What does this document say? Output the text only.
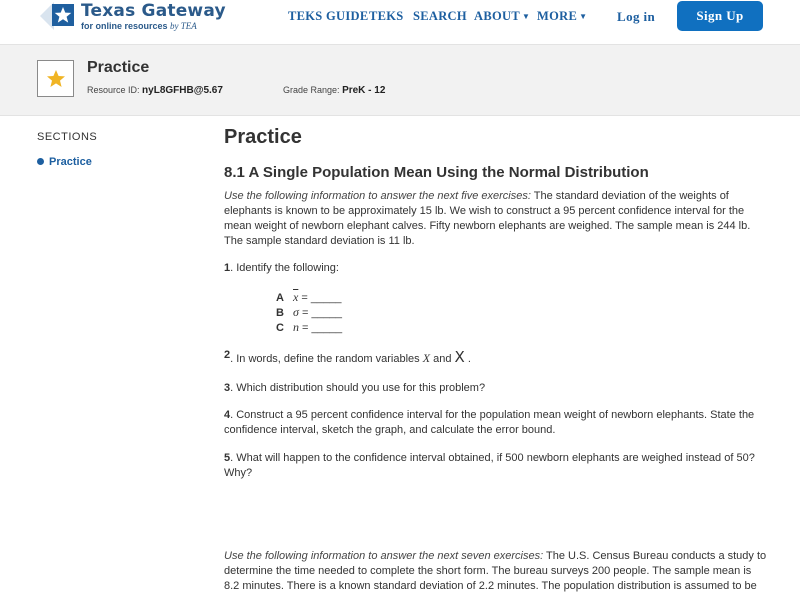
Texas Gateway
for online resources by TEA
TEKS GUIDE TEKS SEARCH ABOUT ▼ MORE ▼ Log in	Sign Up
Practice
Resource ID: nyL8GFHB@5.67	Grade Range: PreK - 12
SECTIONS
Practice
Practice
8.1 A Single Population Mean Using the Normal Distribution
Use the following information to answer the next five exercises: The standard deviation of the weights of elephants is known to be approximately 15 lb. We wish to construct a 95 percent confidence interval for the mean weight of newborn elephant calves. Fifty newborn elephants are weighed. The sample mean is 244 lb. The sample standard deviation is 11 lb.
1. Identify the following:
A $\overline{x}$ = _____
B σ = _____
C n = _____
2. In words, define the random variables X and X .
3. Which distribution should you use for this problem?
4. Construct a 95 percent confidence interval for the population mean weight of newborn elephants. State the confidence interval, sketch the graph, and calculate the error bound.
5. What will happen to the confidence interval obtained, if 500 newborn elephants are weighed instead of 50? Why?
Use the following information to answer the next seven exercises: The U.S. Census Bureau conducts a study to determine the time needed to complete the short form. The bureau surveys 200 people. The sample mean is 8.2 minutes. There is a known standard deviation of 2.2 minutes. The population distribution is assumed to be
